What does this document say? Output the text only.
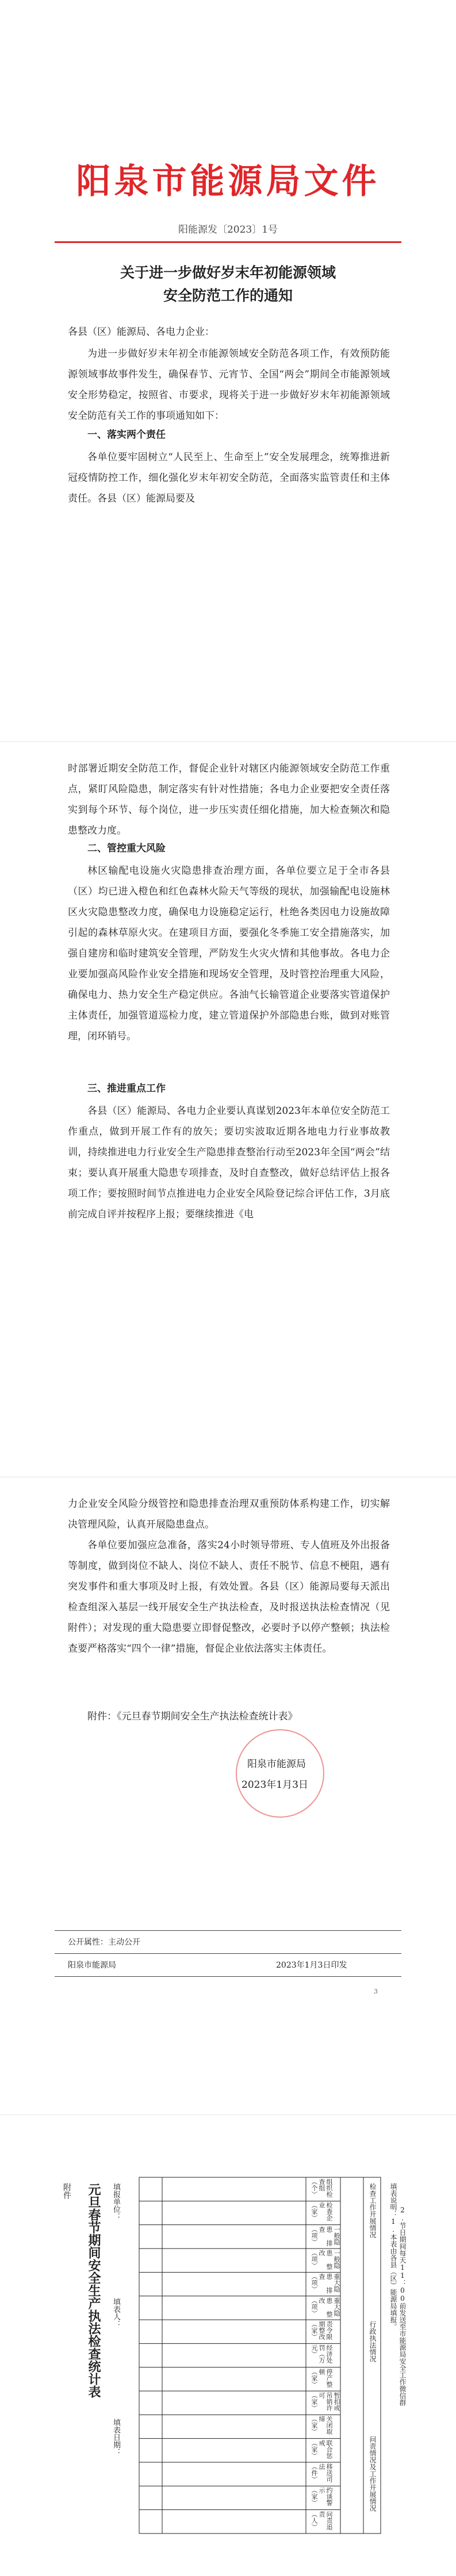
阳泉市能源局文件
阳能源发〔2023〕1号
关于进一步做好岁末年初能源领域
安全防范工作的通知
各县（区）能源局、各电力企业：
为进一步做好岁末年初全市能源领域安全防范各项工作，有效预防能源领域事故事件发生，确保春节、元宵节、全国“两会”期间全市能源领域安全形势稳定，按照省、市要求，现将关于进一步做好岁末年初能源领域安全防范有关工作的事项通知如下：
一、落实两个责任
各单位要牢固树立“人民至上、生命至上”安全发展理念，统筹推进新冠疫情防控工作，细化强化岁末年初安全防范，全面落实监管责任和主体责任。各县（区）能源局要及
时部署近期安全防范工作，督促企业针对辖区内能源领域安全防范工作重点，紧盯风险隐患，制定落实有针对性措施；各电力企业要把安全责任落实到每个环节、每个岗位，进一步压实责任细化措施，加大检查频次和隐患整改力度。
二、管控重大风险
林区输配电设施火灾隐患排查治理方面，各单位要立足于全市各县（区）均已进入橙色和红色森林火险天气等级的现状，加强输配电设施林区火灾隐患整改力度，确保电力设施稳定运行，杜绝各类因电力设施故障引起的森林草原火灾。在建项目方面，要强化冬季施工安全措施落实，加强自建房和临时建筑安全管理，严防发生火灾火情和其他事故。各电力企业要加强高风险作业安全措施和现场安全管理，及时管控治理重大风险，确保电力、热力安全生产稳定供应。各油气长输管道企业要落实管道保护主体责任，加强管道巡检力度，建立管道保护外部隐患台账，做到对账管理，闭环销号。
三、推进重点工作
各县（区）能源局、各电力企业要认真谋划2023年本单位安全防范工作重点，做到开展工作有的放矢；要切实波取近期各地电力行业事故教训，持续推进电力行业安全生产隐患排查整治行动至2023年全国“两会”结束；要认真开展重大隐患专项排查，及时自查整改，做好总结评估上报各项工作；要按照时间节点推进电力企业安全风险登记综合评估工作，3月底前完成自评并按程序上报；要继续推进《电
力企业安全风险分级管控和隐患排查治理双重预防体系构建工作，切实解决管理风险，认真开展隐患盘点。
各单位要加强应急准备，落实24小时领导带班、专人值班及外出报备等制度，做到岗位不缺人、岗位不缺人、责任不脱节、信息不梗阻，遇有突发事件和重大事项及时上报，有效处置。各县（区）能源局要每天派出检查组深入基层一线开展安全生产执法检查，及时报送执法检查情况（见附件）；对发现的重大隐患要立即督促整改，必要时予以停产整顿；执法检查要严格落实“四个一律”措施，督促企业依法落实主体责任。
附件：《元旦春节期间安全生产执法检查统计表》
阳泉市能源局
2023年1月3日
公开属性：主动公开
阳泉市能源局	2023年1月3日印发
3
元旦春节期间安全生产执法检查统计表
附件	填报单位：
填表人：
填表日期：
检查工作开展情况
行政执法情况
问责情况及工作开展情况
组织检查组（个）
检查企业（家）
一般隐患 排查（项）
一般隐患 整改（项）
重大隐患 排查（项）
重大隐患 整改（项）
责令限期整改（家）
经济处罚（万元）
停产整顿（家）
暂扣或吊销许可（家）
关闭取缔（家）
联合惩戒（家）
移送司法（件）
约谈警示（家）
问责追责（人）
填表说明：1.本表由各县（区）能源局填报。 2.节日期间每天11：00前发送至市能源局安全工作微信群
